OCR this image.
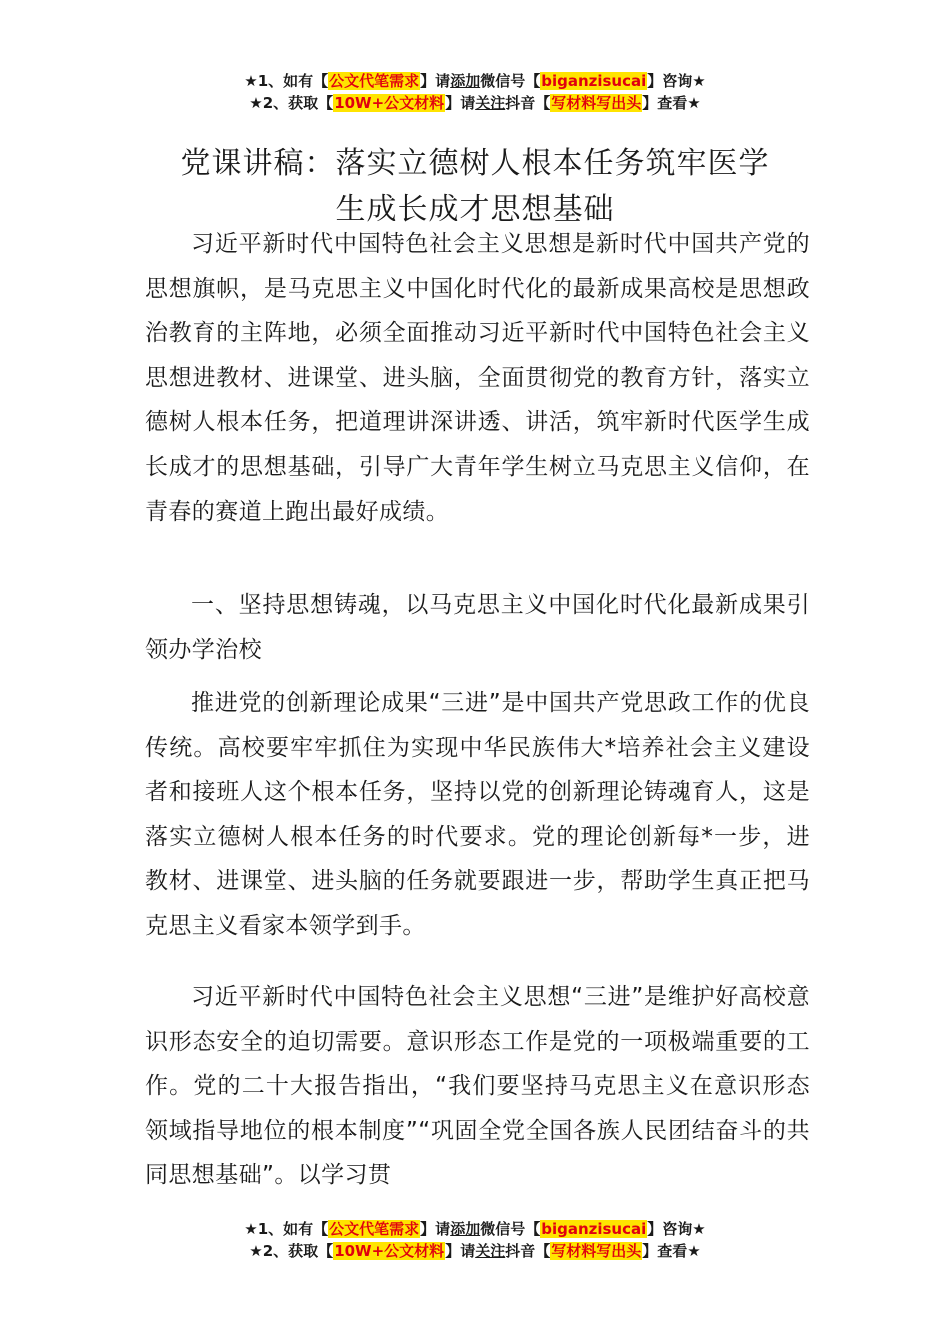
★1、如有【公文代笔需求】请添加微信号【biganzisucai】咨询★
★2、获取【10W+公文材料】请关注抖音【写材料写出头】查看★
党课讲稿：落实立德树人根本任务筑牢医学
生成长成才思想基础

习近平新时代中国特色社会主义思想是新时代中国共产党的思想旗帜，是马克思主义中国化时代化的最新成果高校是思想政治教育的主阵地，必须全面推动习近平新时代中国特色社会主义思想进教材、进课堂、进头脑，全面贯彻党的教育方针，落实立德树人根本任务，把道理讲深讲透、讲活，筑牢新时代医学生成长成才的思想基础，引导广大青年学生树立马克思主义信仰，在青春的赛道上跑出最好成绩。

一、坚持思想铸魂，以马克思主义中国化时代化最新成果引领办学治校

推进党的创新理论成果“三进”是中国共产党思政工作的优良传统。高校要牢牢抓住为实现中华民族伟大*培养社会主义建设者和接班人这个根本任务，坚持以党的创新理论铸魂育人，这是落实立德树人根本任务的时代要求。党的理论创新每*一步，进教材、进课堂、进头脑的任务就要跟进一步，帮助学生真正把马克思主义看家本领学到手。

习近平新时代中国特色社会主义思想“三进”是维护好高校意识形态安全的迫切需要。意识形态工作是党的一项极端重要的工作。党的二十大报告指出，“我们要坚持马克思主义在意识形态领域指导地位的根本制度”“巩固全党全国各族人民团结奋斗的共同思想基础”。以学习贯

★1、如有【公文代笔需求】请添加微信号【biganzisucai】咨询★
★2、获取【10W+公文材料】请关注抖音【写材料写出头】查看★
